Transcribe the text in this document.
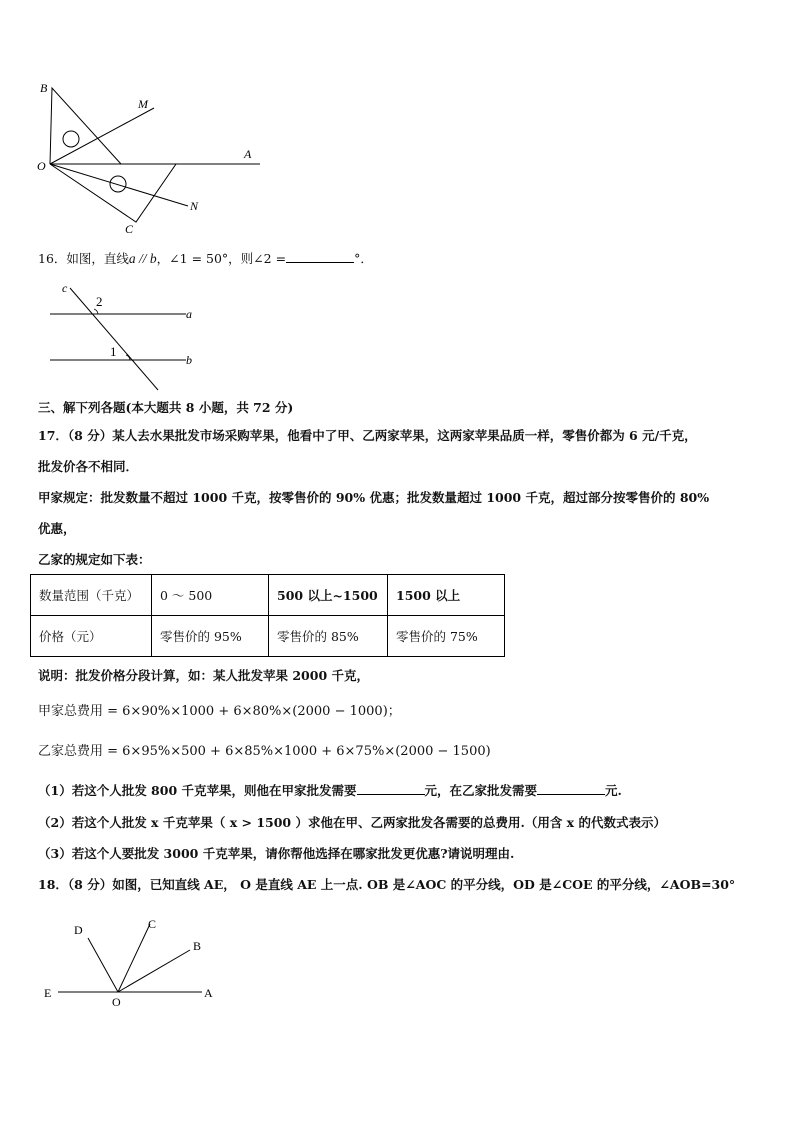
B
M
O
A
N
C
16．如图，直线a // b，∠1 = 50°，则∠2 =	°．
c
2
a
1
b
三、解下列各题(本大题共 8 小题，共 72 分)
17．（8 分）某人去水果批发市场采购苹果，他看中了甲、乙两家苹果，这两家苹果品质一样，零售价都为 6 元/千克，
批发价各不相同．
甲家规定：批发数量不超过 1000 千克，按零售价的 90% 优惠；批发数量超过 1000 千克，超过部分按零售价的 80%
优惠，
乙家的规定如下表：
数量范围（千克）	0 ～ 500	500 以上~1500	1500 以上
价格（元）	零售价的 95%	零售价的 85%	零售价的 75%
说明：批发价格分段计算，如：某人批发苹果 2000 千克，
甲家总费用 = 6×90%×1000 + 6×80%×(2000 − 1000)；
乙家总费用 = 6×95%×500 + 6×85%×1000 + 6×75%×(2000 − 1500)
（1）若这个人批发 800 千克苹果，则他在甲家批发需要	元，在乙家批发需要	元.
（2）若这个人批发 x 千克苹果（ x > 1500 ）求他在甲、乙两家批发各需要的总费用.（用含 x 的代数式表示）
（3）若这个人要批发 3000 千克苹果，请你帮他选择在哪家批发更优惠?请说明理由.
18．（8 分）如图，已知直线 AE， O 是直线 AE 上一点. OB 是∠AOC 的平分线，OD 是∠COE 的平分线，∠AOB=30°
D	C
B
E
O
A
